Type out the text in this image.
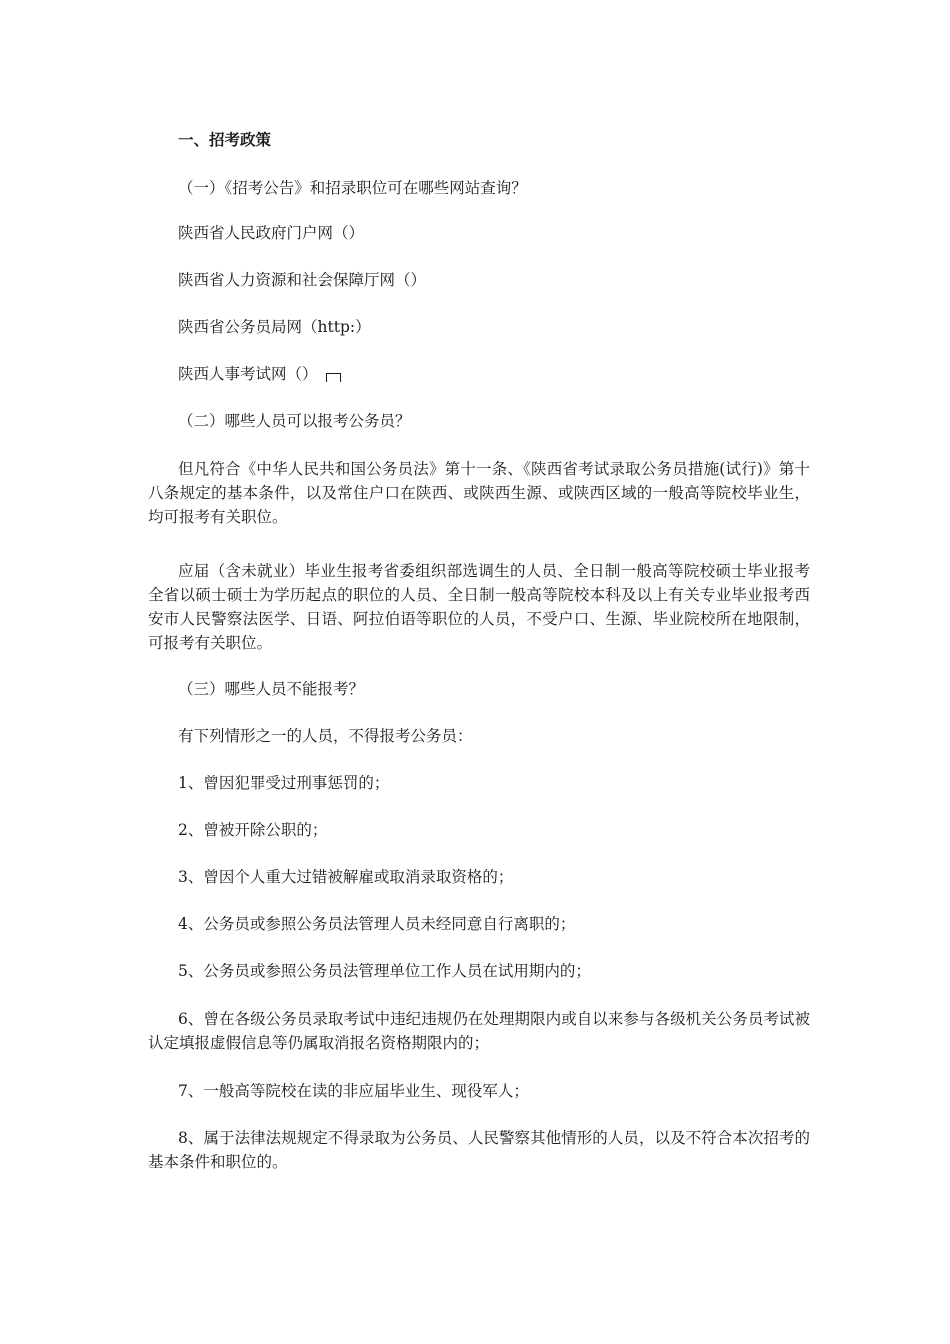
一、招考政策

（一）《招考公告》和招录职位可在哪些网站查询？

陕西省人民政府门户网（）

陕西省人力资源和社会保障厅网（）

陕西省公务员局网（http:）

陕西人事考试网（）

（二）哪些人员可以报考公务员？

但凡符合《中华人民共和国公务员法》第十一条、《陕西省考试录取公务员措施(试行)》第十八条规定的基本条件，以及常住户口在陕西、或陕西生源、或陕西区域的一般高等院校毕业生，均可报考有关职位。

应届（含未就业）毕业生报考省委组织部选调生的人员、全日制一般高等院校硕士毕业报考全省以硕士硕士为学历起点的职位的人员、全日制一般高等院校本科及以上有关专业毕业报考西安市人民警察法医学、日语、阿拉伯语等职位的人员，不受户口、生源、毕业院校所在地限制，可报考有关职位。

（三）哪些人员不能报考？

有下列情形之一的人员，不得报考公务员：

1、曾因犯罪受过刑事惩罚的；

2、曾被开除公职的；

3、曾因个人重大过错被解雇或取消录取资格的；

4、公务员或参照公务员法管理人员未经同意自行离职的；

5、公务员或参照公务员法管理单位工作人员在试用期内的；

6、曾在各级公务员录取考试中违纪违规仍在处理期限内或自以来参与各级机关公务员考试被认定填报虚假信息等仍属取消报名资格期限内的；

7、一般高等院校在读的非应届毕业生、现役军人；

8、属于法律法规规定不得录取为公务员、人民警察其他情形的人员，以及不符合本次招考的基本条件和职位的。
